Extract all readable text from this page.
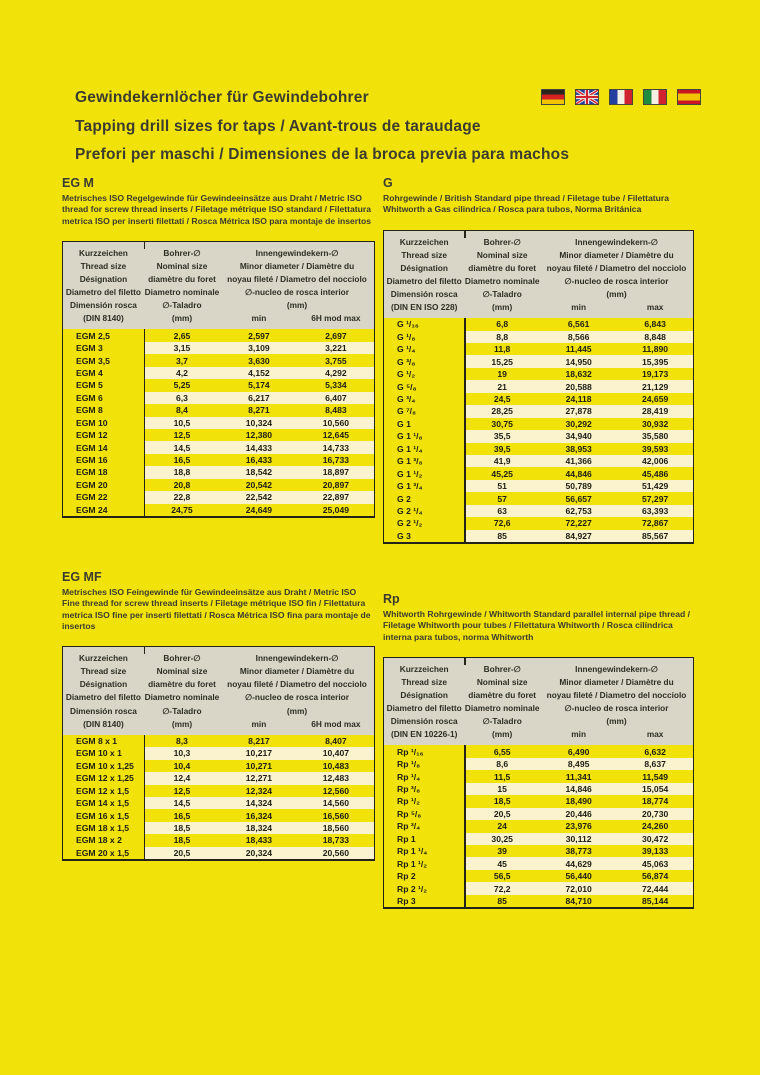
Gewindekernlöcher für Gewindebohrer
Tapping drill sizes for taps / Avant-trous de taraudage
Prefori per maschi / Dimensiones de la broca previa para machos
EG M

Metrisches ISO Regelgewinde für Gewindeeinsätze aus Draht / Metric ISO thread for screw thread inserts / Filetage métrique ISO standard / Filettatura metrica ISO per inserti filettati / Rosca Métrica ISO para montaje de insertos

Kurzzeichen
Thread size
Désignation
Diametro del filetto
Dimensión rosca
(DIN 8140)
Bohrer-∅
Nominal size
diamètre du foret
Diametro nominale
∅-Taladro
(mm)
Innengewindekern-∅
Minor diameter / Diamètre du
noyau fileté / Diametro del nocciolo
∅-nucleo de rosca interior
(mm)
min	6H mod max
EGM 2,5	2,65	2,597	2,697
EGM 3	3,15	3,109	3,221
EGM 3,5	3,7	3,630	3,755
EGM 4	4,2	4,152	4,292
EGM 5	5,25	5,174	5,334
EGM 6	6,3	6,217	6,407
EGM 8	8,4	8,271	8,483
EGM 10	10,5	10,324	10,560
EGM 12	12,5	12,380	12,645
EGM 14	14,5	14,433	14,733
EGM 16	16,5	16,433	16,733
EGM 18	18,8	18,542	18,897
EGM 20	20,8	20,542	20,897
EGM 22	22,8	22,542	22,897
EGM 24	24,75	24,649	25,049
EG MF

Metrisches ISO Feingewinde für Gewindeeinsätze aus Draht / Metric ISO Fine thread for screw thread inserts / Filetage métrique ISO fin / Filettatura metrica ISO fine per inserti filettati / Rosca Métrica ISO fina para montaje de insertos

Kurzzeichen
Thread size
Désignation
Diametro del filetto
Dimensión rosca
(DIN 8140)
Bohrer-∅
Nominal size
diamètre du foret
Diametro nominale
∅-Taladro
(mm)
Innengewindekern-∅
Minor diameter / Diamètre du
noyau fileté / Diametro del nocciolo
∅-nucleo de rosca interior
(mm)
min	6H mod max
EGM 8 x 1	8,3	8,217	8,407
EGM 10 x 1	10,3	10,217	10,407
EGM 10 x 1,25	10,4	10,271	10,483
EGM 12 x 1,25	12,4	12,271	12,483
EGM 12 x 1,5	12,5	12,324	12,560
EGM 14 x 1,5	14,5	14,324	14,560
EGM 16 x 1,5	16,5	16,324	16,560
EGM 18 x 1,5	18,5	18,324	18,560
EGM 18 x 2	18,5	18,433	18,733
EGM 20 x 1,5	20,5	20,324	20,560
G

Rohrgewinde / British Standard pipe thread / Filetage tube / Filettatura Whitworth a Gas cilindrica / Rosca para tubos, Norma Británica

Kurzzeichen
Thread size
Désignation
Diametro del filetto
Dimensión rosca
(DIN EN ISO 228)
Bohrer-∅
Nominal size
diamètre du foret
Diametro nominale
∅-Taladro
(mm)
Innengewindekern-∅
Minor diameter / Diamètre du
noyau fileté / Diametro del nocciolo
∅-nucleo de rosca interior
(mm)
min	max
G ¹/₁₆	6,8	6,561	6,843
G ¹/₈	8,8	8,566	8,848
G ¹/₄	11,8	11,445	11,890
G ³/₈	15,25	14,950	15,395
G ¹/₂	19	18,632	19,173
G ⁵/₈	21	20,588	21,129
G ³/₄	24,5	24,118	24,659
G ⁷/₈	28,25	27,878	28,419
G 1	30,75	30,292	30,932
G 1 ¹/₈	35,5	34,940	35,580
G 1 ¹/₄	39,5	38,953	39,593
G 1 ³/₈	41,9	41,366	42,006
G 1 ¹/₂	45,25	44,846	45,486
G 1 ³/₄	51	50,789	51,429
G 2	57	56,657	57,297
G 2 ¹/₄	63	62,753	63,393
G 2 ¹/₂	72,6	72,227	72,867
G 3	85	84,927	85,567
Rp

Whitworth Rohrgewinde / Whitworth Standard parallel internal pipe thread / Filetage Whitworth pour tubes / Filettatura Whitworth / Rosca cilíndrica interna para tubos, norma Whitworth

Kurzzeichen
Thread size
Désignation
Diametro del filetto
Dimensión rosca
(DIN EN 10226-1)
Bohrer-∅
Nominal size
diamètre du foret
Diametro nominale
∅-Taladro
(mm)
Innengewindekern-∅
Minor diameter / Diamètre du
noyau fileté / Diametro del nocciolo
∅-nucleo de rosca interior
(mm)
min	max
Rp ¹/₁₆	6,55	6,490	6,632
Rp ¹/₈	8,6	8,495	8,637
Rp ¹/₄	11,5	11,341	11,549
Rp ³/₈	15	14,846	15,054
Rp ¹/₂	18,5	18,490	18,774
Rp ⁵/₈	20,5	20,446	20,730
Rp ³/₄	24	23,976	24,260
Rp 1	30,25	30,112	30,472
Rp 1 ¹/₄	39	38,773	39,133
Rp 1 ¹/₂	45	44,629	45,063
Rp 2	56,5	56,440	56,874
Rp 2 ¹/₂	72,2	72,010	72,444
Rp 3	85	84,710	85,144
